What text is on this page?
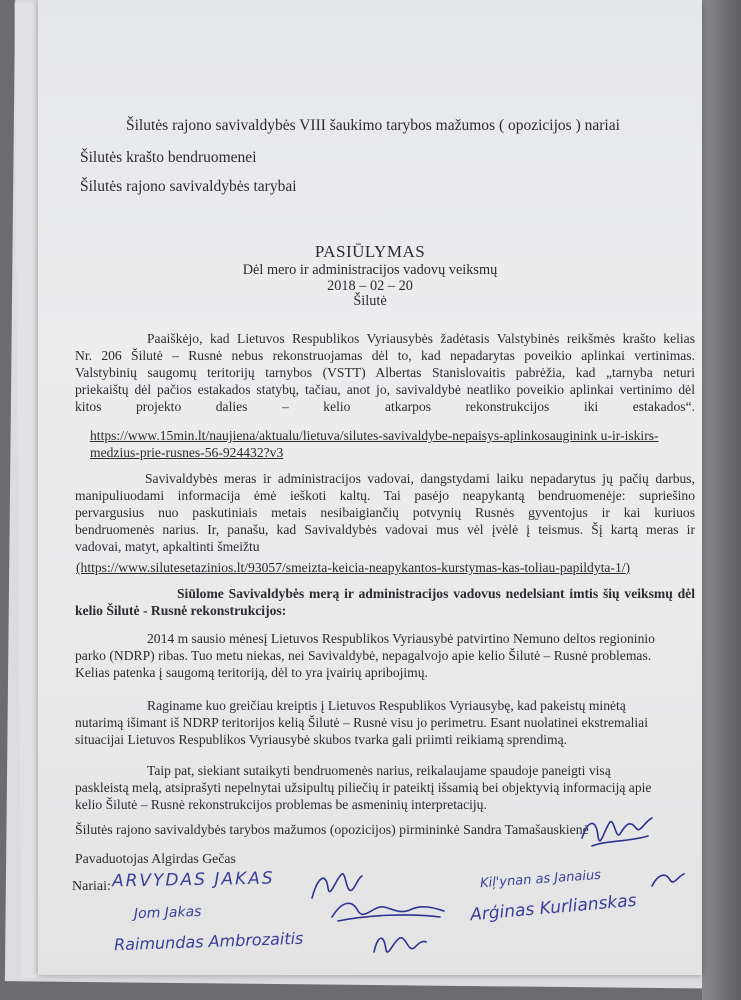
Šilutės rajono savivaldybės VIII šaukimo tarybos mažumos ( opozicijos ) nariai
Šilutės krašto bendruomenei
Šilutės rajono savivaldybės tarybai
PASIŪLYMAS
Dėl mero ir administracijos vadovų veiksmų
2018 – 02 – 20
Šilutė
Paaiškėjo, kad Lietuvos Respublikos Vyriausybės žadėtasis Valstybinės reikšmės krašto kelias
Nr. 206 Šilutė – Rusnė nebus rekonstruojamas dėl to, kad nepadarytas poveikio aplinkai vertinimas.
Valstybinių saugomų teritorijų tarnybos (VSTT) Albertas Stanislovaitis pabrėžia, kad „tarnyba neturi
priekaištų dėl pačios estakados statybų, tačiau, anot jo, savivaldybė neatliko poveikio aplinkai vertinimo dėl
kitos projekto dalies – kelio atkarpos rekonstrukcijos iki estakados“.
https://www.15min.lt/naujiena/aktualu/lietuva/silutes-savivaldybe-nepaisys-aplinkosauginink u-ir-iskirs-
medzius-prie-rusnes-56-924432?v3
Savivaldybės meras ir administracijos vadovai, dangstydami laiku nepadarytus jų pačių darbus,
manipuliuodami informacija ėmė ieškoti kaltų. Tai pasėjo neapykantą bendruomenėje: supriešino
pervargusius nuo paskutiniais metais nesibaigiančių potvynių Rusnės gyventojus ir kai kuriuos
bendruomenės narius. Ir, panašu, kad Savivaldybės vadovai mus vėl įvėlė į teismus. Šį kartą meras ir
vadovai, matyt, apkaltinti šmeižtu
(https://www.silutesetazinios.lt/93057/smeizta-keicia-neapykantos-kurstymas-kas-toliau-papildyta-1/)
Siūlome Savivaldybės merą ir administracijos vadovus nedelsiant imtis šių veiksmų dėl
kelio Šilutė - Rusnė rekonstrukcijos:
2014 m sausio mėnesį Lietuvos Respublikos Vyriausybė patvirtino Nemuno deltos regioninio
parko (NDRP) ribas. Tuo metu niekas, nei Savivaldybė, nepagalvojo apie kelio Šilutė – Rusnė problemas.
Kelias patenka į saugomą teritoriją, dėl to yra įvairių apribojimų.
Raginame kuo greičiau kreiptis į Lietuvos Respublikos Vyriausybę, kad pakeistų minėtą
nutarimą išimant iš NDRP teritorijos kelią Šilutė – Rusnė visu jo perimetru. Esant nuolatinei ekstremaliai
situacijai Lietuvos Respublikos Vyriausybė skubos tvarka gali priimti reikiamą sprendimą.
Taip pat, siekiant sutaikyti bendruomenės narius, reikalaujame spaudoje paneigti visą
paskleistą melą, atsiprašyti nepelnytai užsipultų piliečių ir pateiktį išsamią bei objektyvią informaciją apie
kelio Šilutė – Rusnė rekonstrukcijos problemas be asmeninių interpretacijų.
Šilutės rajono savivaldybės tarybos mažumos (opozicijos) pirmininkė Sandra Tamašauskienė
Pavaduotojas Algirdas Gečas
Nariai: ARVYDAS JAKAS	Kiļ'ynan as Janaius
Arģinas Kurlianskas
Jom Jakas
Raimundas Ambrozaitis
